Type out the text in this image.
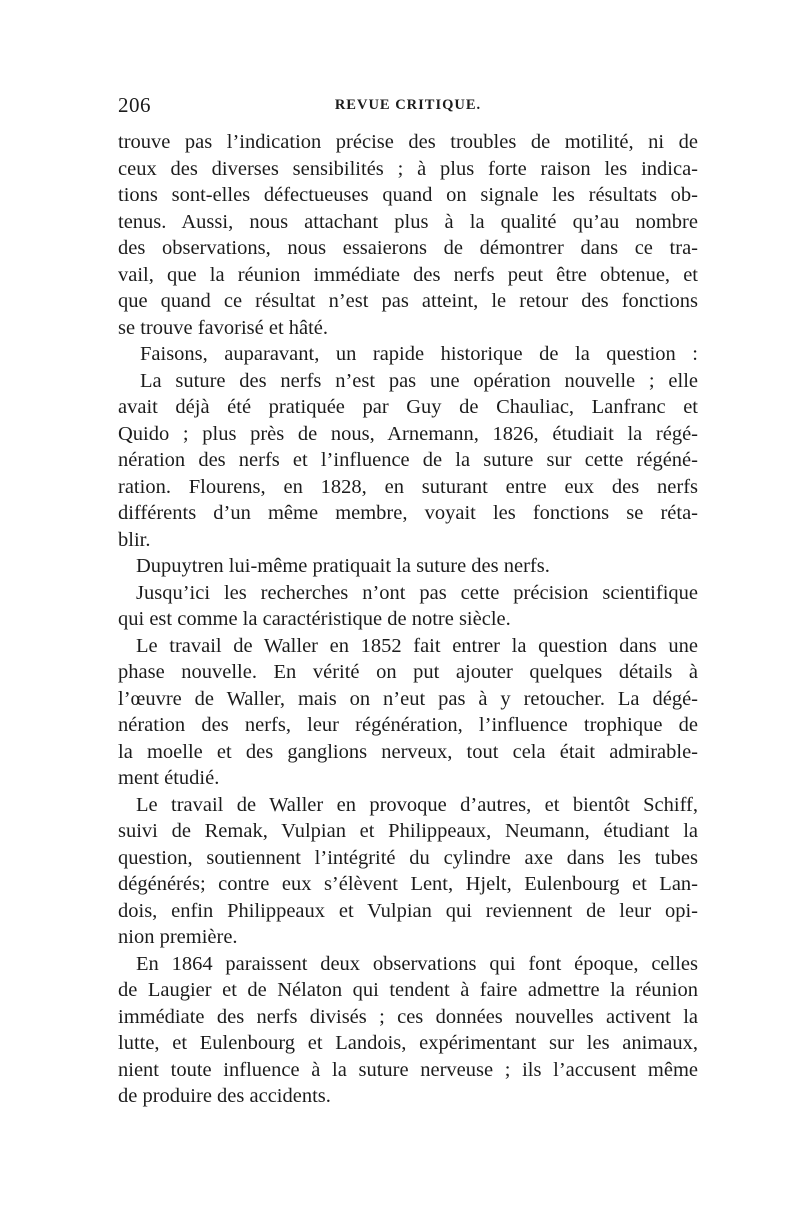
206	REVUE CRITIQUE.
trouve pas l’indication précise des troubles de motilité, ni de
ceux des diverses sensibilités ; à plus forte raison les indica-
tions sont-elles défectueuses quand on signale les résultats ob-
tenus. Aussi, nous attachant plus à la qualité qu’au nombre
des observations, nous essaierons de démontrer dans ce tra-
vail, que la réunion immédiate des nerfs peut être obtenue, et
que quand ce résultat n’est pas atteint, le retour des fonctions
se trouve favorisé et hâté.
Faisons, auparavant, un rapide historique de la question :
La suture des nerfs n’est pas une opération nouvelle ; elle
avait déjà été pratiquée par Guy de Chauliac, Lanfranc et
Quido ; plus près de nous, Arnemann, 1826, étudiait la régé-
nération des nerfs et l’influence de la suture sur cette régéné-
ration. Flourens, en 1828, en suturant entre eux des nerfs
différents d’un même membre, voyait les fonctions se réta-
blir.
Dupuytren lui-même pratiquait la suture des nerfs.
Jusqu’ici les recherches n’ont pas cette précision scientifique
qui est comme la caractéristique de notre siècle.
Le travail de Waller en 1852 fait entrer la question dans une
phase nouvelle. En vérité on put ajouter quelques détails à
l’œuvre de Waller, mais on n’eut pas à y retoucher. La dégé-
nération des nerfs, leur régénération, l’influence trophique de
la moelle et des ganglions nerveux, tout cela était admirable-
ment étudié.
Le travail de Waller en provoque d’autres, et bientôt Schiff,
suivi de Remak, Vulpian et Philippeaux, Neumann, étudiant la
question, soutiennent l’intégrité du cylindre axe dans les tubes
dégénérés; contre eux s’élèvent Lent, Hjelt, Eulenbourg et Lan-
dois, enfin Philippeaux et Vulpian qui reviennent de leur opi-
nion première.
En 1864 paraissent deux observations qui font époque, celles
de Laugier et de Nélaton qui tendent à faire admettre la réunion
immédiate des nerfs divisés ; ces données nouvelles activent la
lutte, et Eulenbourg et Landois, expérimentant sur les animaux,
nient toute influence à la suture nerveuse ; ils l’accusent même
de produire des accidents.
